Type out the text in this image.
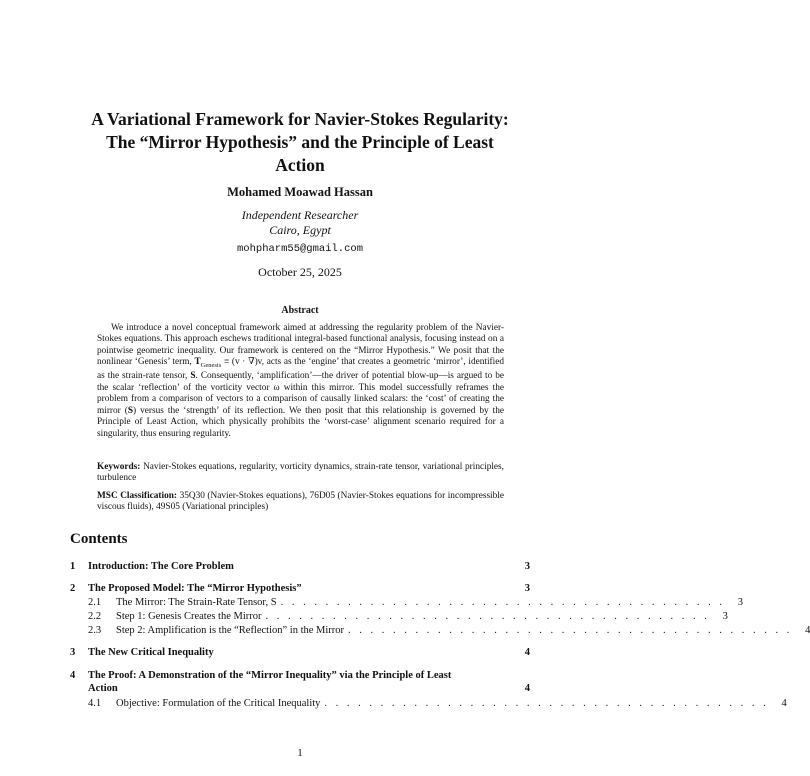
A Variational Framework for Navier-Stokes Regularity:
The “Mirror Hypothesis” and the Principle of Least
Action
Mohamed Moawad Hassan
Independent Researcher
Cairo, Egypt
mohpharm55@gmail.com
October 25, 2025
Abstract
We introduce a novel conceptual framework aimed at addressing the regularity problem of the Navier-Stokes equations. This approach eschews traditional integral-based functional analysis, focusing instead on a pointwise geometric inequality. Our framework is centered on the “Mirror Hypothesis.” We posit that the nonlinear ‘Genesis’ term, $T_{Genesis} \equiv (v \cdot \nabla)v$, acts as the ‘engine’ that creates a geometric ‘mirror’, identified as the strain-rate tensor, S. Consequently, ‘amplification’—the driver of potential blow-up—is argued to be the scalar ‘reflection’ of the vorticity vector ω within this mirror. This model successfully reframes the problem from a comparison of vectors to a comparison of causally linked scalars: the ‘cost’ of creating the mirror (S) versus the ‘strength’ of its reflection. We then posit that this relationship is governed by the Principle of Least Action, which physically prohibits the ‘worst-case’ alignment scenario required for a singularity, thus ensuring regularity.
Keywords: Navier-Stokes equations, regularity, vorticity dynamics, strain-rate tensor, variational principles, turbulence
MSC Classification: 35Q30 (Navier-Stokes equations), 76D05 (Navier-Stokes equations for incompressible viscous fluids), 49S05 (Variational principles)
Contents
1	Introduction: The Core Problem	3
2	The Proposed Model: The “Mirror Hypothesis”	3
2.1	The Mirror: The Strain-Rate Tensor, S . . . . . . . . . . . . . . . . . . . . . . . . . . . . . . . . . . . . . . . .	3
2.2	Step 1: Genesis Creates the Mirror . . . . . . . . . . . . . . . . . . . . . . . . . . . . . . . . . . . . . . . .	3
2.3	Step 2: Amplification is the “Reflection” in the Mirror . . . . . . . . . . . . . . . . . . . . . . . . . . . . . . . . . . . . . . . .	4
3	The New Critical Inequality	4
4	The Proof: A Demonstration of the “Mirror Inequality” via the Principle of Least
Action	4
4.1	Objective: Formulation of the Critical Inequality . . . . . . . . . . . . . . . . . . . . . . . . . . . . . . . . . . . . . . . .	4
1
